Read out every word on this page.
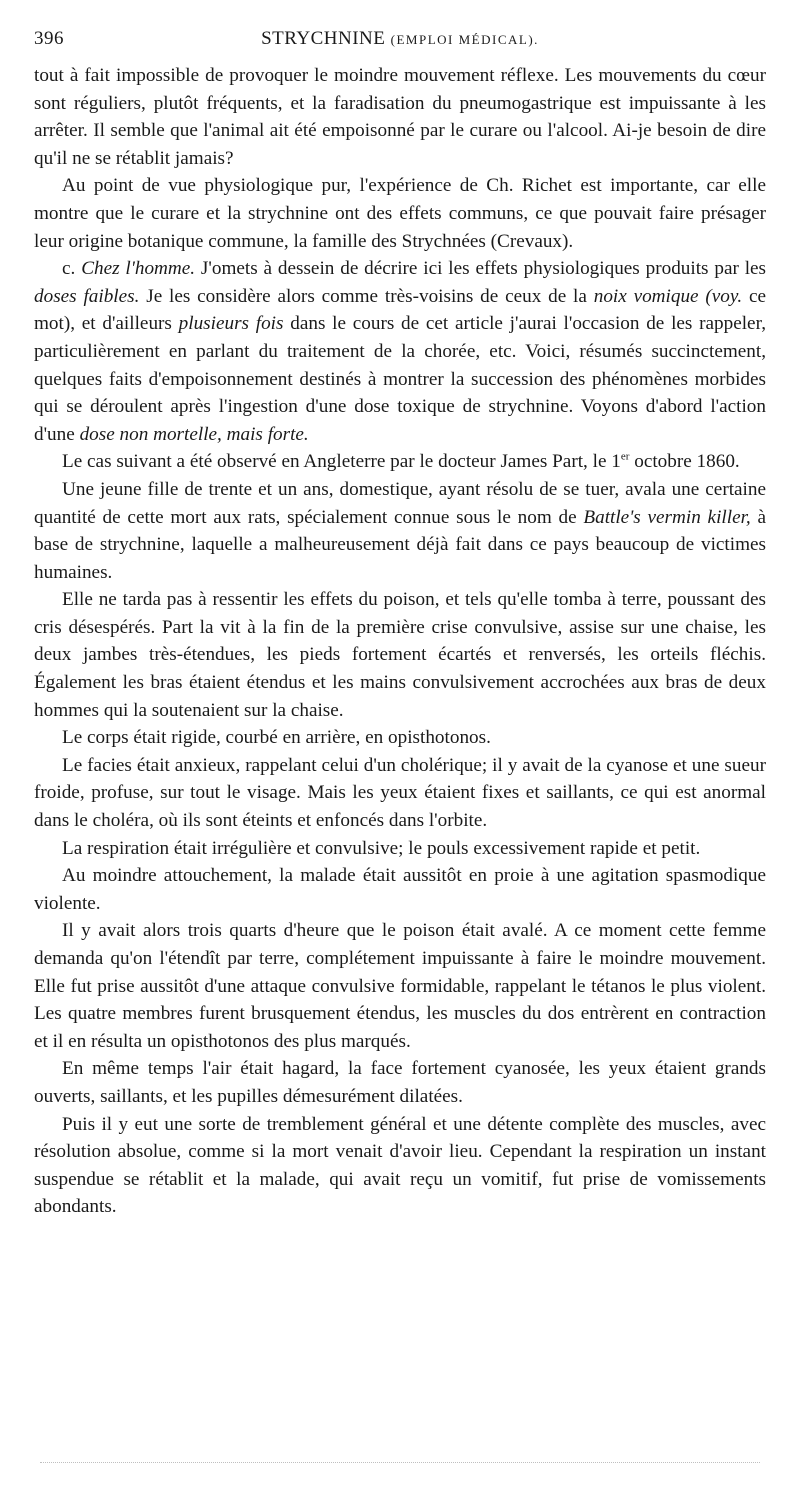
396	STRYCHNINE (EMPLOI MÉDICAL).

tout à fait impossible de provoquer le moindre mouvement réflexe. Les mouvements du cœur sont réguliers, plutôt fréquents, et la faradisation du pneumogastrique est impuissante à les arrêter. Il semble que l'animal ait été empoisonné par le curare ou l'alcool. Ai-je besoin de dire qu'il ne se rétablit jamais?

Au point de vue physiologique pur, l'expérience de Ch. Richet est importante, car elle montre que le curare et la strychnine ont des effets communs, ce que pouvait faire présager leur origine botanique commune, la famille des Strychnées (Crevaux).

c. Chez l'homme. J'omets à dessein de décrire ici les effets physiologiques produits par les doses faibles. Je les considère alors comme très-voisins de ceux de la noix vomique (voy. ce mot), et d'ailleurs plusieurs fois dans le cours de cet article j'aurai l'occasion de les rappeler, particulièrement en parlant du traitement de la chorée, etc. Voici, résumés succinctement, quelques faits d'empoisonnement destinés à montrer la succession des phénomènes morbides qui se déroulent après l'ingestion d'une dose toxique de strychnine. Voyons d'abord l'action d'une dose non mortelle, mais forte.

Le cas suivant a été observé en Angleterre par le docteur James Part, le 1er octobre 1860.

Une jeune fille de trente et un ans, domestique, ayant résolu de se tuer, avala une certaine quantité de cette mort aux rats, spécialement connue sous le nom de Battle's vermin killer, à base de strychnine, laquelle a malheureusement déjà fait dans ce pays beaucoup de victimes humaines.

Elle ne tarda pas à ressentir les effets du poison, et tels qu'elle tomba à terre, poussant des cris désespérés. Part la vit à la fin de la première crise convulsive, assise sur une chaise, les deux jambes très-étendues, les pieds fortement écartés et renversés, les orteils fléchis. Également les bras étaient étendus et les mains convulsivement accrochées aux bras de deux hommes qui la soutenaient sur la chaise.

Le corps était rigide, courbé en arrière, en opisthotonos.

Le facies était anxieux, rappelant celui d'un cholérique; il y avait de la cyanose et une sueur froide, profuse, sur tout le visage. Mais les yeux étaient fixes et saillants, ce qui est anormal dans le choléra, où ils sont éteints et enfoncés dans l'orbite.

La respiration était irrégulière et convulsive; le pouls excessivement rapide et petit.

Au moindre attouchement, la malade était aussitôt en proie à une agitation spasmodique violente.

Il y avait alors trois quarts d'heure que le poison était avalé. A ce moment cette femme demanda qu'on l'étendît par terre, complétement impuissante à faire le moindre mouvement. Elle fut prise aussitôt d'une attaque convulsive formidable, rappelant le tétanos le plus violent. Les quatre membres furent brusquement étendus, les muscles du dos entrèrent en contraction et il en résulta un opisthotonos des plus marqués.

En même temps l'air était hagard, la face fortement cyanosée, les yeux étaient grands ouverts, saillants, et les pupilles démesurément dilatées.

Puis il y eut une sorte de tremblement général et une détente complète des muscles, avec résolution absolue, comme si la mort venait d'avoir lieu. Cependant la respiration un instant suspendue se rétablit et la malade, qui avait reçu un vomitif, fut prise de vomissements abondants.
